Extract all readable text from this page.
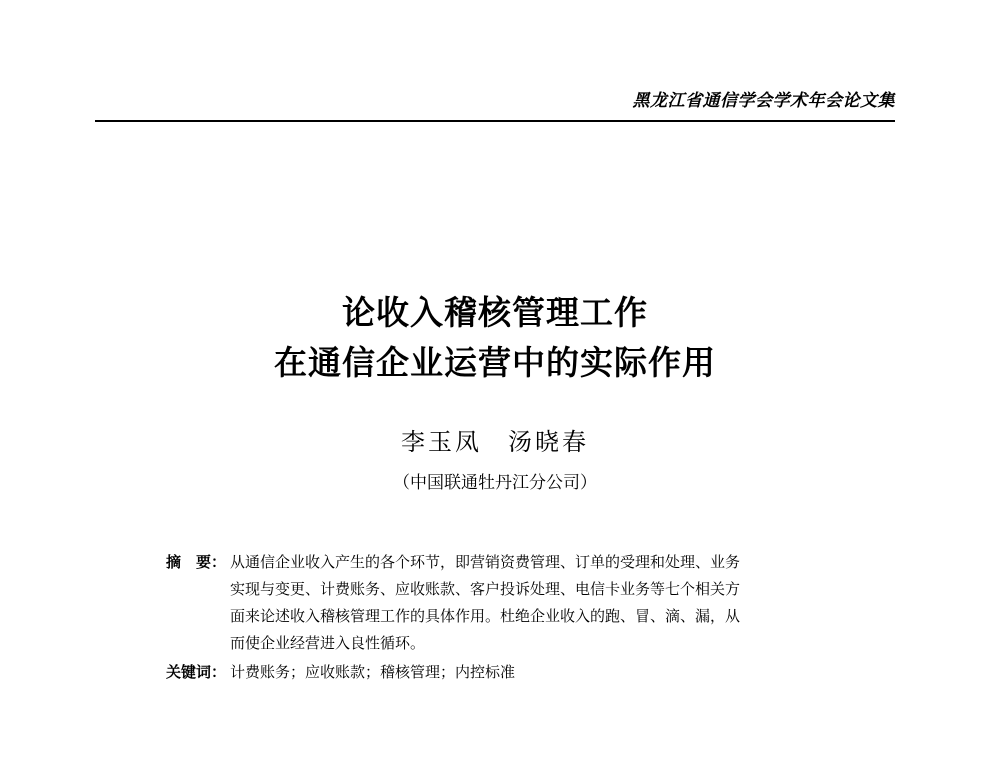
黑龙江省通信学会学术年会论文集
论收入稽核管理工作
在通信企业运营中的实际作用
李玉凤 汤晓春
（中国联通牡丹江分公司）
摘　要： 从通信企业收入产生的各个环节，即营销资费管理、订单的受理和处理、业务
实现与变更、计费账务、应收账款、客户投诉处理、电信卡业务等七个相关方
面来论述收入稽核管理工作的具体作用。杜绝企业收入的跑、冒、滴、漏，从
而使企业经营进入良性循环。
关键词： 计费账务；应收账款；稽核管理；内控标准
